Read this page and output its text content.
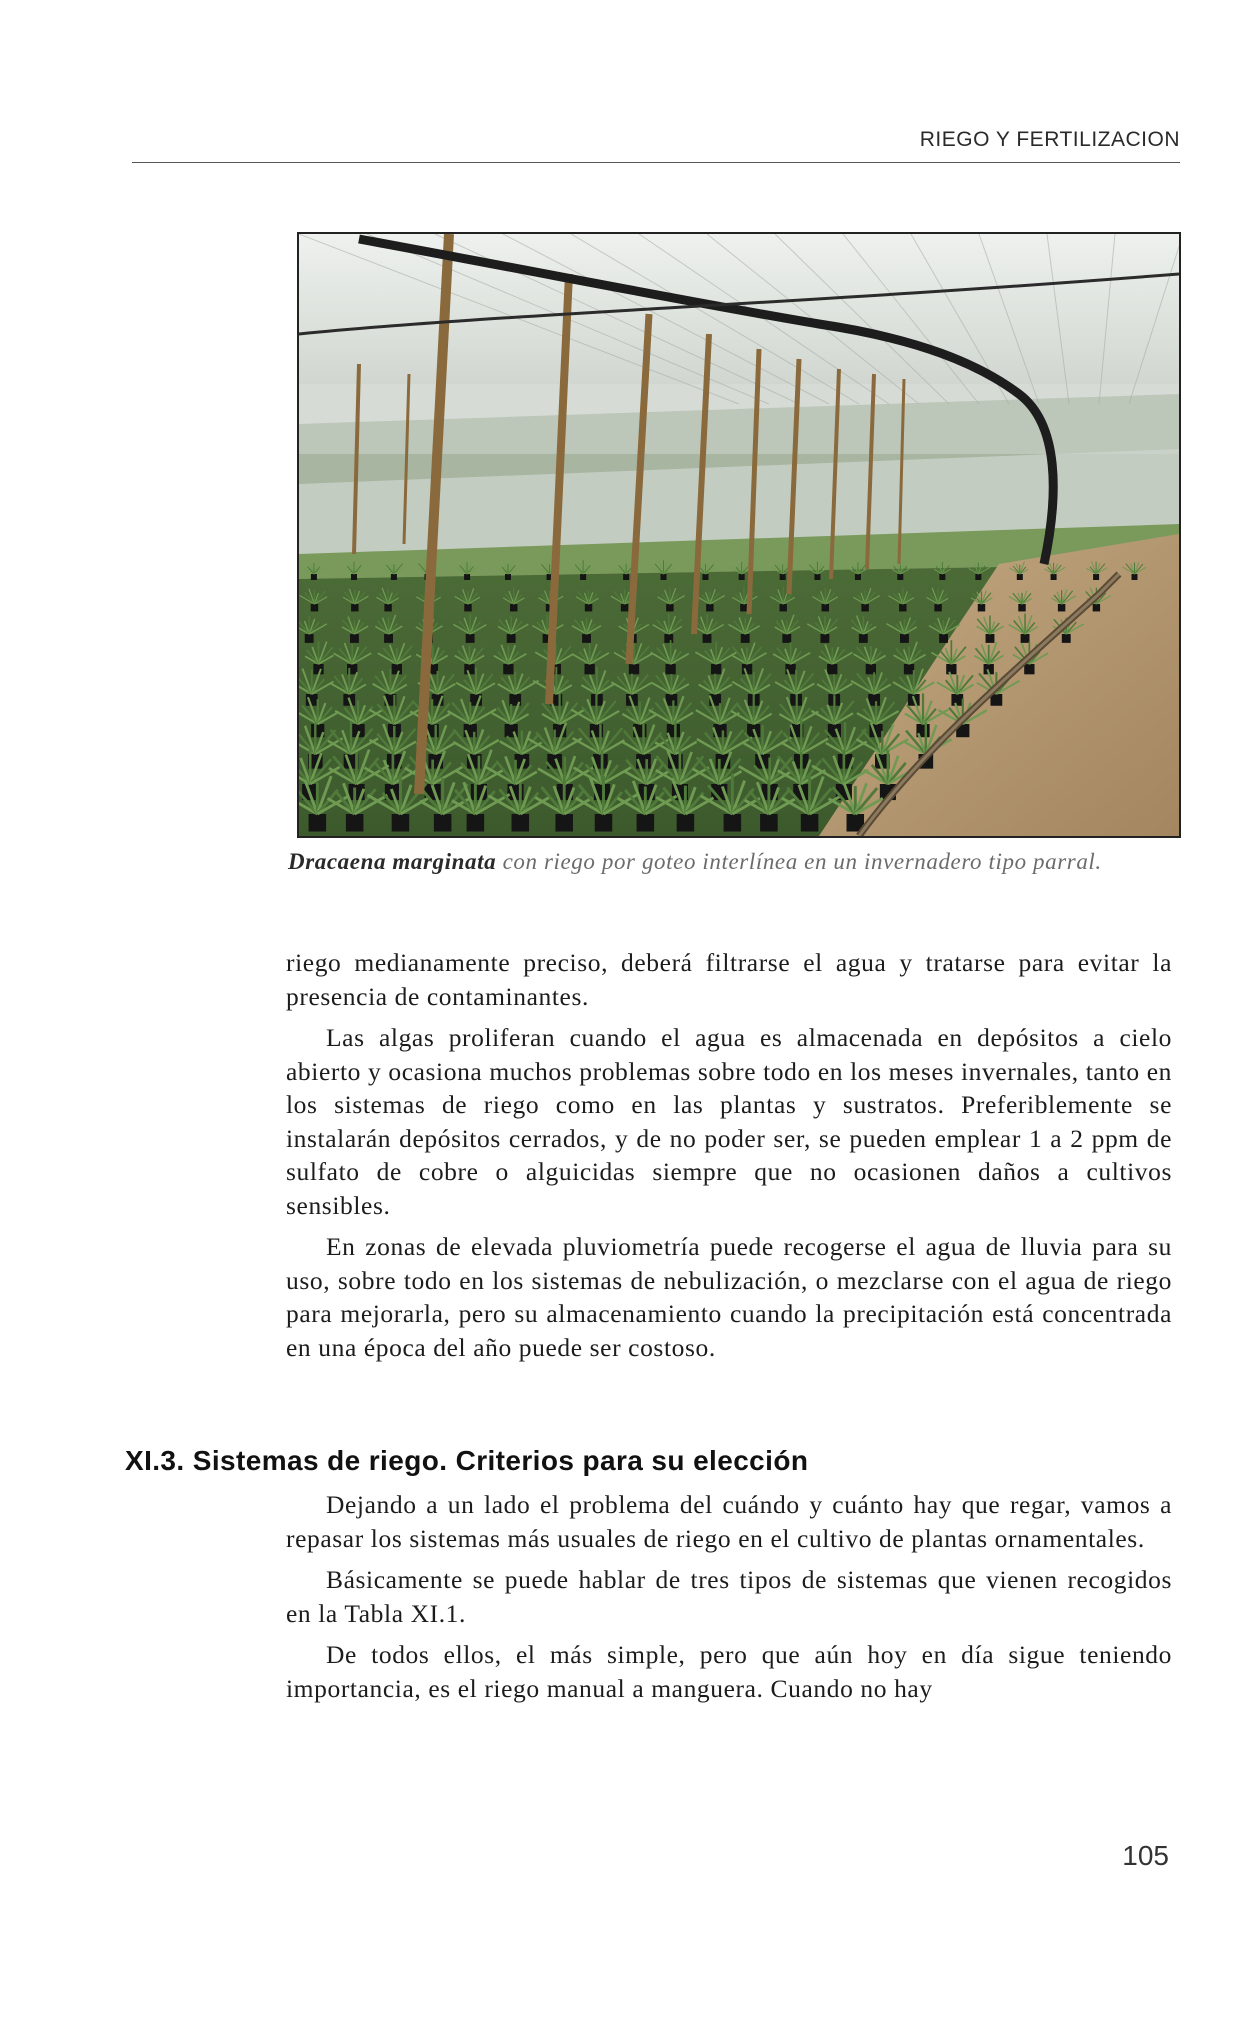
RIEGO Y FERTILIZACION
Dracaena marginata con riego por goteo interlínea en un invernadero tipo parral.

riego medianamente preciso, deberá filtrarse el agua y tratarse para evitar la presencia de contaminantes.

Las algas proliferan cuando el agua es almacenada en depósitos a cielo abierto y ocasiona muchos problemas sobre todo en los meses invernales, tanto en los sistemas de riego como en las plantas y sustratos. Preferiblemente se instalarán depósitos cerrados, y de no poder ser, se pueden emplear 1 a 2 ppm de sulfato de cobre o alguicidas siempre que no ocasionen daños a cultivos sensibles.

En zonas de elevada pluviometría puede recogerse el agua de lluvia para su uso, sobre todo en los sistemas de nebulización, o mezclarse con el agua de riego para mejorarla, pero su almacenamiento cuando la precipitación está concentrada en una época del año puede ser costoso.

XI.3. Sistemas de riego. Criterios para su elección

Dejando a un lado el problema del cuándo y cuánto hay que regar, vamos a repasar los sistemas más usuales de riego en el cultivo de plantas ornamentales.

Básicamente se puede hablar de tres tipos de sistemas que vienen recogidos en la Tabla XI.1.

De todos ellos, el más simple, pero que aún hoy en día sigue teniendo importancia, es el riego manual a manguera. Cuando no hay

105
